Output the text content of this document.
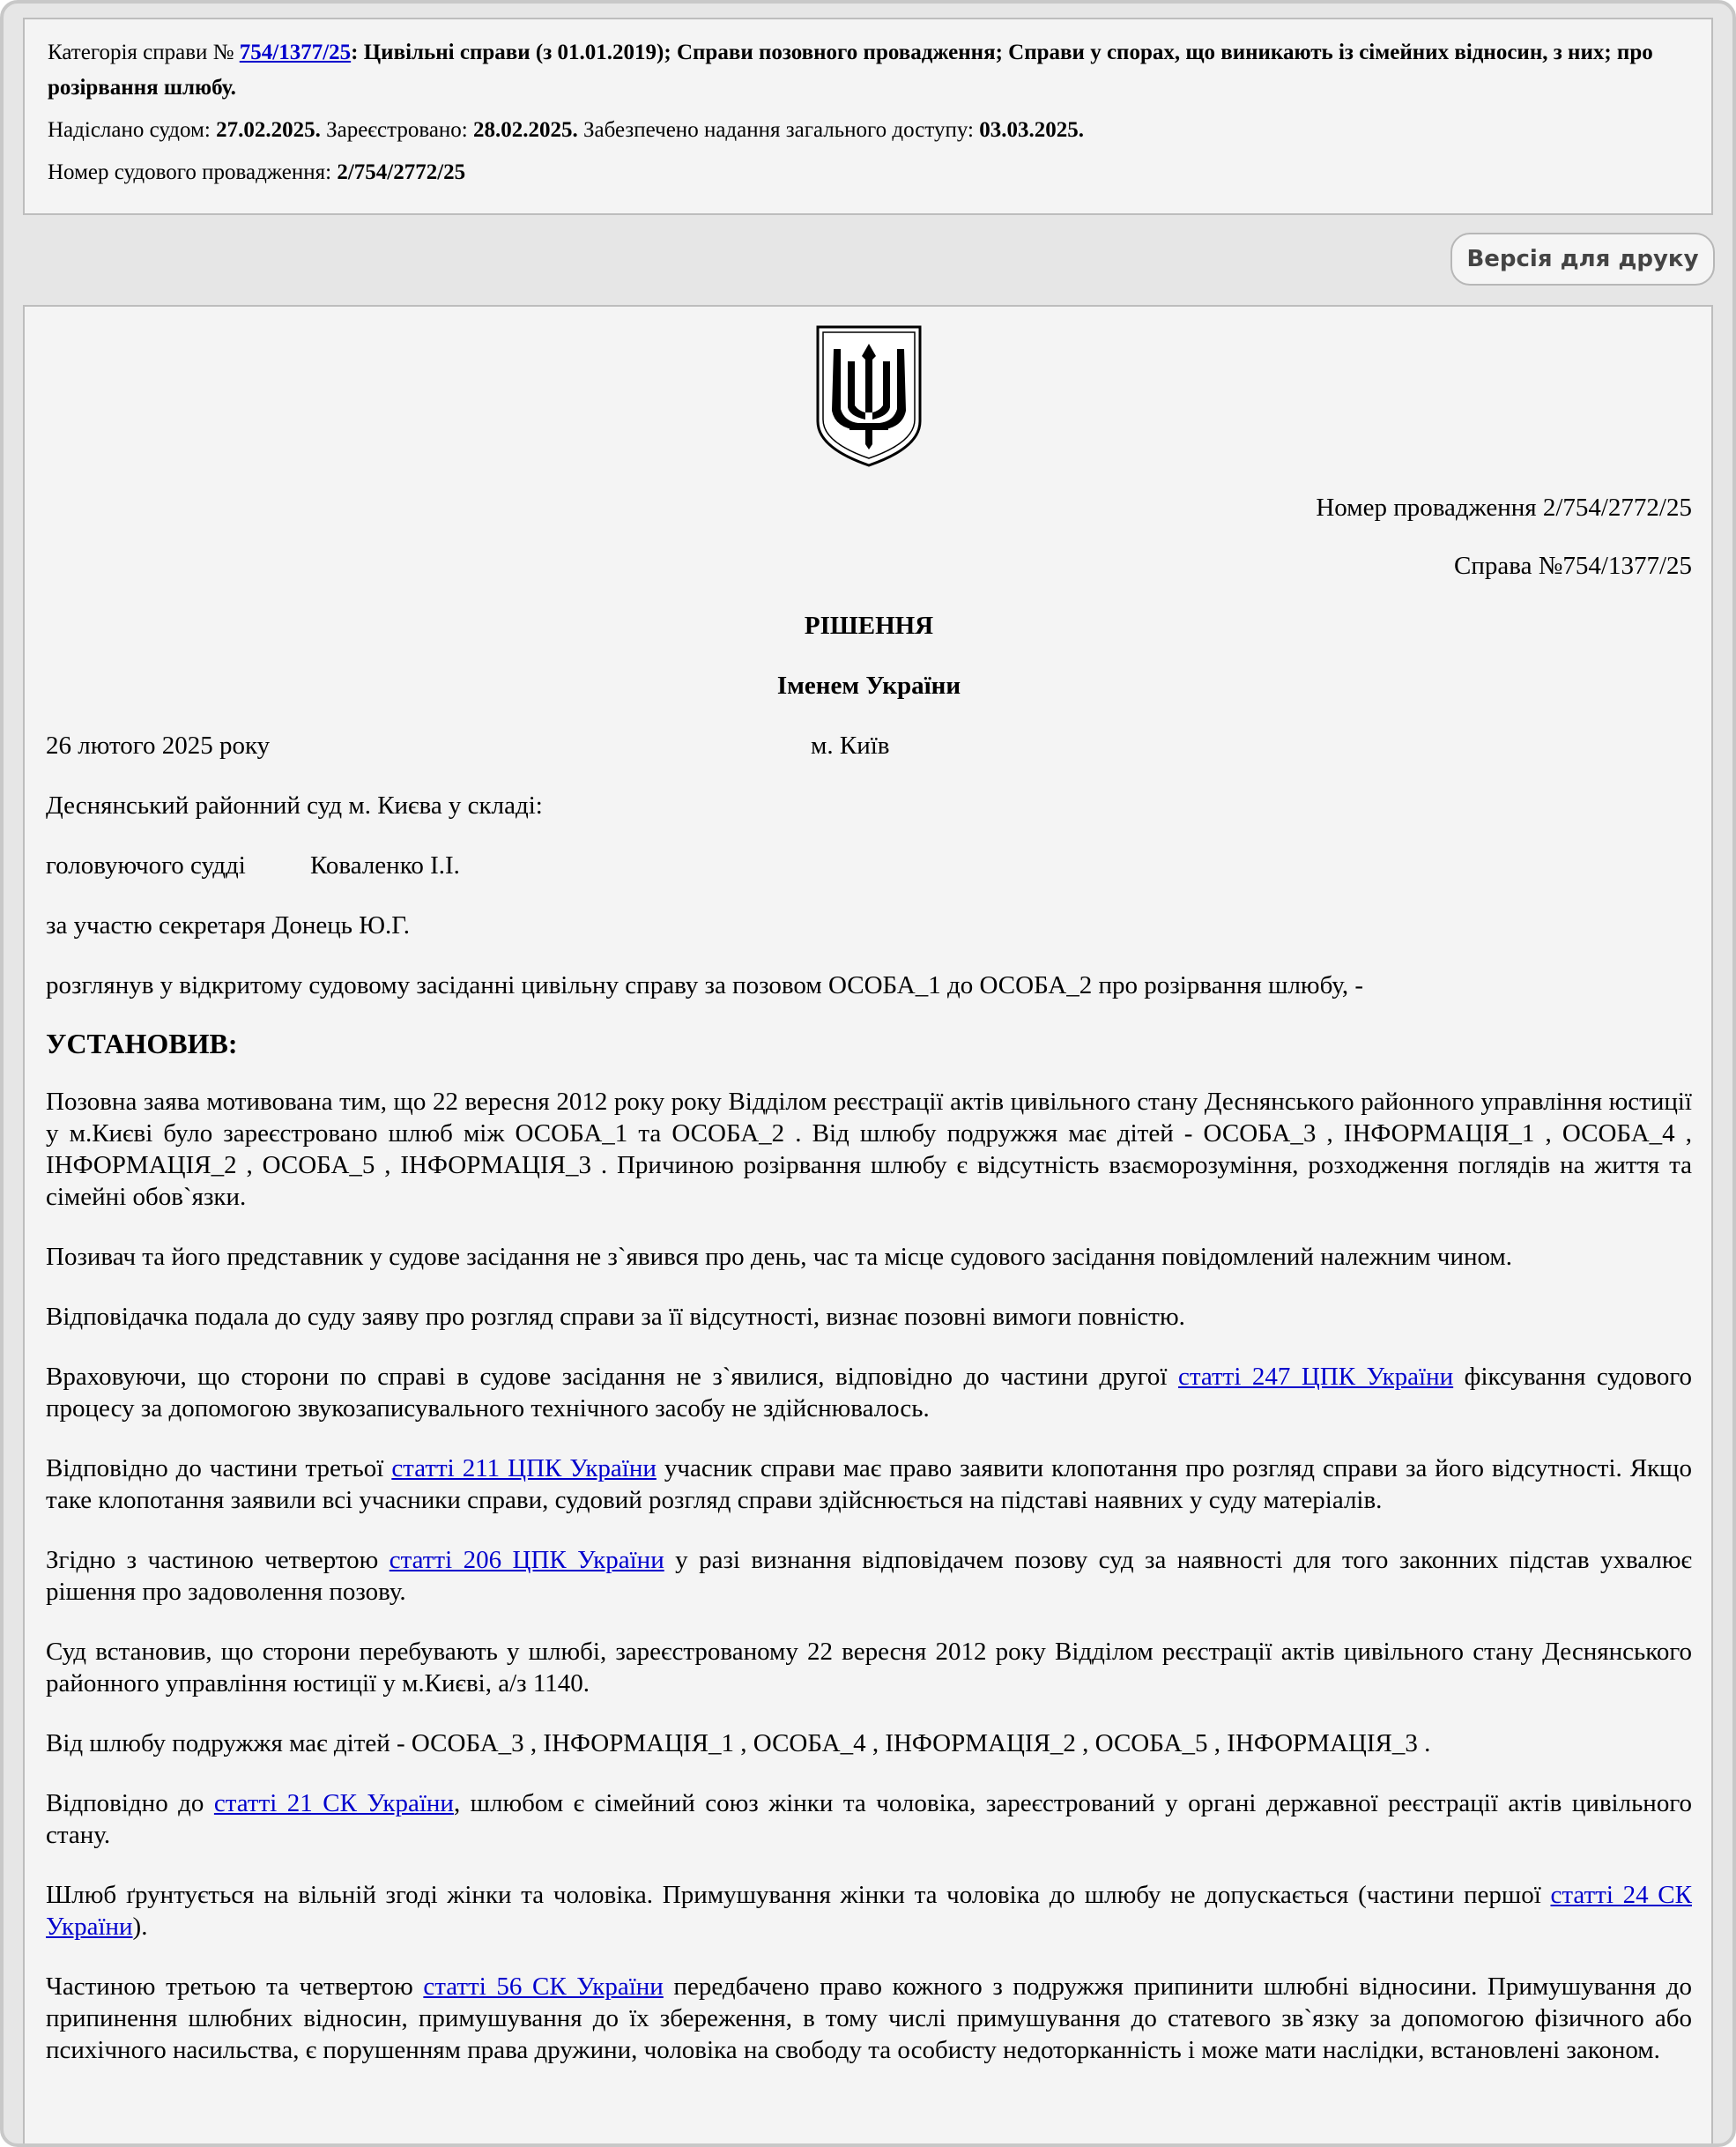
Категорія справи № 754/1377/25: Цивільні справи (з 01.01.2019); Справи позовного провадження; Справи у спорах, що виникають із сімейних відносин, з них; про розірвання шлюбу.

Надіслано судом: 27.02.2025. Зареєстровано: 28.02.2025. Забезпечено надання загального доступу: 03.03.2025.

Номер судового провадження: 2/754/2772/25

Версія для друку

Номер провадження 2/754/2772/25

Справа №754/1377/25

РІШЕННЯ

Іменем України

26 лютого 2025 року	м. Київ

Деснянський районний суд м. Києва у складі:

головуючого судді	Коваленко І.І.

за участю секретаря Донець Ю.Г.

розглянув у відкритому судовому засіданні цивільну справу за позовом ОСОБА_1 до ОСОБА_2 про розірвання шлюбу, -

УСТАНОВИВ:

Позовна заява мотивована тим, що 22 вересня 2012 року року Відділом реєстрації актів цивільного стану Деснянського районного управління юстиції у м.Києві було зареєстровано шлюб між ОСОБА_1 та ОСОБА_2 . Від шлюбу подружжя має дітей - ОСОБА_3 , ІНФОРМАЦІЯ_1 , ОСОБА_4 , ІНФОРМАЦІЯ_2 , ОСОБА_5 , ІНФОРМАЦІЯ_3 . Причиною розірвання шлюбу є відсутність взаєморозуміння, розходження поглядів на життя та сімейні обов`язки.

Позивач та його представник у судове засідання не з`явився про день, час та місце судового засідання повідомлений належним чином.

Відповідачка подала до суду заяву про розгляд справи за її відсутності, визнає позовні вимоги повністю.

Враховуючи, що сторони по справі в судове засідання не з`явилися, відповідно до частини другої статті 247 ЦПК України фіксування судового процесу за допомогою звукозаписувального технічного засобу не здійснювалось.

Відповідно до частини третьої статті 211 ЦПК України учасник справи має право заявити клопотання про розгляд справи за його відсутності. Якщо таке клопотання заявили всі учасники справи, судовий розгляд справи здійснюється на підставі наявних у суду матеріалів.

Згідно з частиною четвертою статті 206 ЦПК України у разі визнання відповідачем позову суд за наявності для того законних підстав ухвалює рішення про задоволення позову.

Суд встановив, що сторони перебувають у шлюбі, зареєстрованому 22 вересня 2012 року Відділом реєстрації актів цивільного стану Деснянського районного управління юстиції у м.Києві, а/з 1140.

Від шлюбу подружжя має дітей - ОСОБА_3 , ІНФОРМАЦІЯ_1 , ОСОБА_4 , ІНФОРМАЦІЯ_2 , ОСОБА_5 , ІНФОРМАЦІЯ_3 .

Відповідно до статті 21 СК України, шлюбом є сімейний союз жінки та чоловіка, зареєстрований у органі державної реєстрації актів цивільного стану.

Шлюб ґрунтується на вільній згоді жінки та чоловіка. Примушування жінки та чоловіка до шлюбу не допускається (частини першої статті 24 СК України).

Частиною третьою та четвертою статті 56 СК України передбачено право кожного з подружжя припинити шлюбні відносини. Примушування до припинення шлюбних відносин, примушування до їх збереження, в тому числі примушування до статевого зв`язку за допомогою фізичного або психічного насильства, є порушенням права дружини, чоловіка на свободу та особисту недоторканність і може мати наслідки, встановлені законом.
